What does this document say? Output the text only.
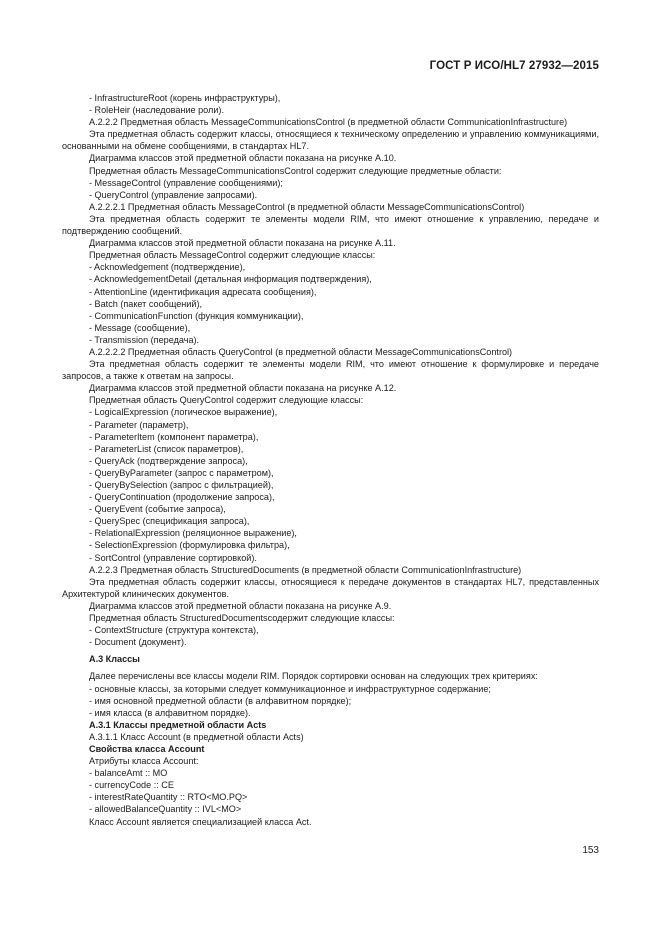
ГОСТ Р ИСО/HL7 27932—2015

- InfrastructureRoot (корень инфраструктуры),

- RoleHeir (наследование роли).

A.2.2.2 Предметная область MessageCommunicationsControl (в предметной области CommunicationInfrastructure)

Эта предметная область содержит классы, относящиеся к техническому определению и управлению коммуникациями, основанными на обмене сообщениями, в стандартах HL7.

Диаграмма классов этой предметной области показана на рисунке А.10.

Предметная область MessageCommunicationsControl содержит следующие предметные области:

- MessageControl (управление сообщениями);

- QueryControl (управление запросами).

A.2.2.2.1 Предметная область MessageControl (в предметной области MessageCommunicationsControl)

Эта предметная область содержит те элементы модели RIM, что имеют отношение к управлению, передаче и подтверждению сообщений.

Диаграмма классов этой предметной области показана на рисунке А.11.

Предметная область MessageControl содержит следующие классы:

- Acknowledgement (подтверждение),

- AcknowledgementDetail (детальная информация подтверждения),

- AttentionLine (идентификация адресата сообщения),

- Batch (пакет сообщений),

- CommunicationFunction (функция коммуникации),

- Message (сообщение),

- Transmission (передача).

A.2.2.2.2 Предметная область QueryControl (в предметной области MessageCommunicationsControl)

Эта предметная область содержит те элементы модели RIM, что имеют отношение к формулировке и передаче запросов, а также к ответам на запросы.

Диаграмма классов этой предметной области показана на рисунке А.12.

Предметная область QueryControl содержит следующие классы:

- LogicalExpression (логическое выражение),

- Parameter (параметр),

- ParameterItem (компонент параметра),

- ParameterList (список параметров),

- QueryAck (подтверждение запроса),

- QueryByParameter (запрос с параметром),

- QueryBySelection (запрос с фильтрацией),

- QueryContinuation (продолжение запроса),

- QueryEvent (событие запроса),

- QuerySpec (спецификация запроса),

- RelationalExpression (реляционное выражение),

- SelectionExpression (формулировка фильтра),

- SortControl (управление сортировкой).

A.2.2.3 Предметная область StructuredDocuments (в предметной области CommunicationInfrastructure)

Эта предметная область содержит классы, относящиеся к передаче документов в стандартах HL7, представленных Архитектурой клинических документов.

Диаграмма классов этой предметной области показана на рисунке А.9.

Предметная область StructuredDocumentsсодержит следующие классы:

- ContextStructure (структура контекста),

- Document (документ).

A.3 Классы

Далее перечислены все классы модели RIM. Порядок сортировки основан на следующих трех критериях:

- основные классы, за которыми следует коммуникационное и инфраструктурное содержание;

- имя основной предметной области (в алфавитном порядке);

- имя класса (в алфавитном порядке).

A.3.1 Классы предметной области Acts

A.3.1.1 Класс Account (в предметной области Acts)

Свойства класса Account

Атрибуты класса Account:

- balanceAmt :: MO

- currencyCode :: CE

- interestRateQuantity :: RTO<MO.PQ>

- allowedBalanceQuantity :: IVL<MO>

Класс Account является специализацией класса Act.

153
